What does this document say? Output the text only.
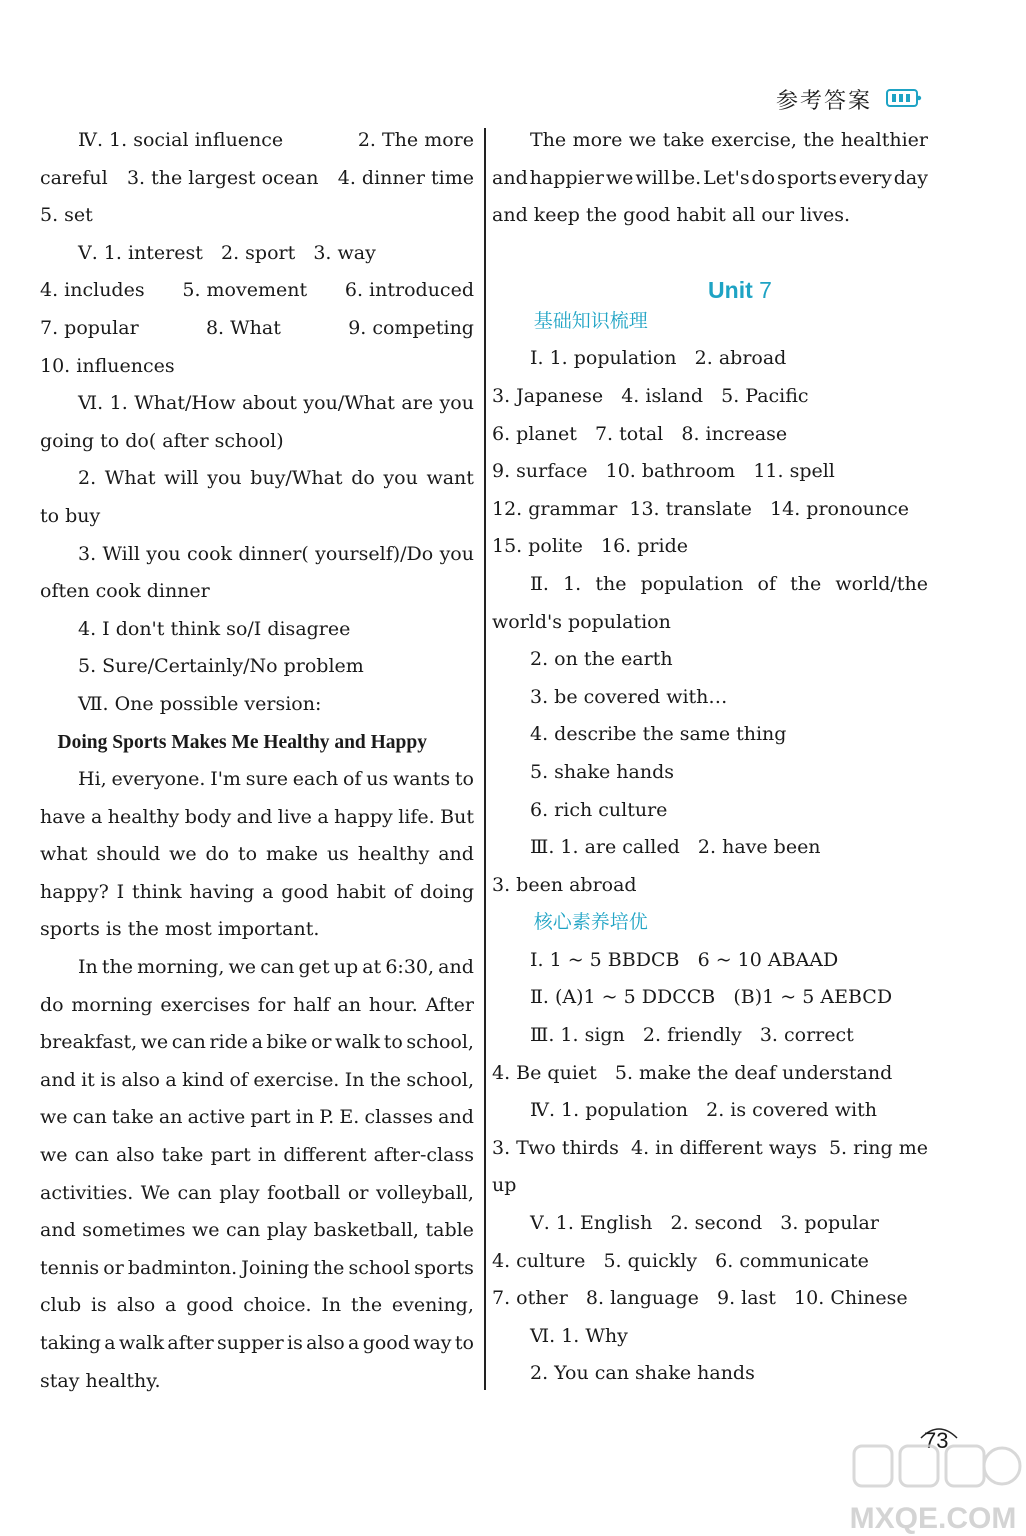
参考答案
Ⅳ. 1. social influence	2. The more
careful 3. the largest ocean 4. dinner time
5. set
Ⅴ. 1. interest   2. sport   3. way
4. includes 5. movement 6. introduced
7. popular	8. What	9. competing
10. influences
Ⅵ. 1. What/How about you/What are you
going to do( after school)
2. What will you buy/What do you want
to buy
3. Will you cook dinner( yourself)/Do you
often cook dinner
4. I don't think so/I disagree
5. Sure/Certainly/No problem
Ⅶ. One possible version:
Doing Sports Makes Me Healthy and Happy
Hi, everyone. I'm sure each of us wants to
have a healthy body and live a happy life. But
what should we do to make us healthy and
happy? I think having a good habit of doing
sports is the most important.
In the morning, we can get up at 6:30, and
do morning exercises for half an hour. After
breakfast, we can ride a bike or walk to school,
and it is also a kind of exercise. In the school,
we can take an active part in P. E. classes and
we can also take part in different after-class
activities. We can play football or volleyball,
and sometimes we can play basketball, table
tennis or badminton. Joining the school sports
club is also a good choice. In the evening,
taking a walk after supper is also a good way to
stay healthy.
The more we take exercise, the healthier
and happier we will be. Let's do sports every day
and keep the good habit all our lives.
Unit 7
基础知识梳理
Ⅰ. 1. population   2. abroad
3. Japanese   4. island   5. Pacific
6. planet   7. total   8. increase
9. surface   10. bathroom   11. spell
12. grammar  13. translate   14. pronounce
15. polite   16. pride
Ⅱ. 1. the population of the world/the
world's population
2. on the earth
3. be covered with…
4. describe the same thing
5. shake hands
6. rich culture
Ⅲ. 1. are called   2. have been
3. been abroad
核心素养培优
Ⅰ. 1 ~ 5 BBDCB   6 ~ 10 ABAAD
Ⅱ. (A)1 ~ 5 DDCCB   (B)1 ~ 5 AEBCD
Ⅲ. 1. sign   2. friendly   3. correct
4. Be quiet   5. make the deaf understand
Ⅳ. 1. population   2. is covered with
3. Two thirds 4. in different ways 5. ring me
up
Ⅴ. 1. English   2. second   3. popular
4. culture   5. quickly   6. communicate
7. other   8. language   9. last   10. Chinese
Ⅵ. 1. Why
2. You can shake hands
73
MXQE.COM
